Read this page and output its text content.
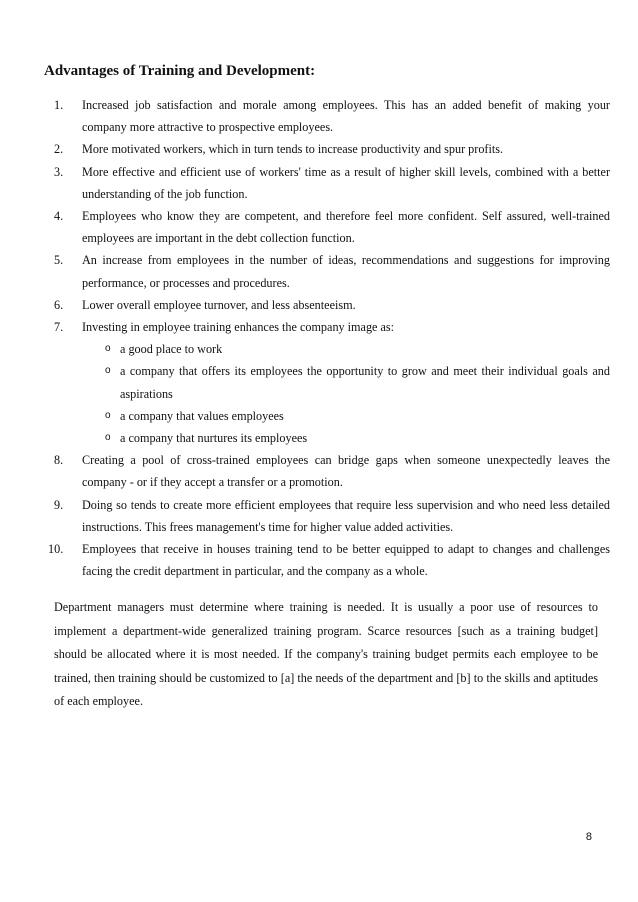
Advantages of Training and Development:
1.	Increased job satisfaction and morale among employees. This has an added benefit of making your company more attractive to prospective employees.
2.	More motivated workers, which in turn tends to increase productivity and spur profits.
3.	More effective and efficient use of workers' time as a result of higher skill levels, combined with a better understanding of the job function.
4.	Employees who know they are competent, and therefore feel more confident. Self assured, well-trained employees are important in the debt collection function.
5.	An increase from employees in the number of ideas, recommendations and suggestions for improving performance, or processes and procedures.
6.	Lower overall employee turnover, and less absenteeism.
7.	Investing in employee training enhances the company image as:
o a good place to work
o a company that offers its employees the opportunity to grow and meet their individual goals and aspirations
o a company that values employees
o a company that nurtures its employees
8.	Creating a pool of cross-trained employees can bridge gaps when someone unexpectedly leaves the company - or if they accept a transfer or a promotion.
9.	Doing so tends to create more efficient employees that require less supervision and who need less detailed instructions. This frees management's time for higher value added activities.
10.	Employees that receive in houses training tend to be better equipped to adapt to changes and challenges facing the credit department in particular, and the company as a whole.

Department managers must determine where training is needed. It is usually a poor use of resources to implement a department-wide generalized training program. Scarce resources [such as a training budget] should be allocated where it is most needed. If the company's training budget permits each employee to be trained, then training should be customized to [a] the needs of the department and [b] to the skills and aptitudes of each employee.

8
